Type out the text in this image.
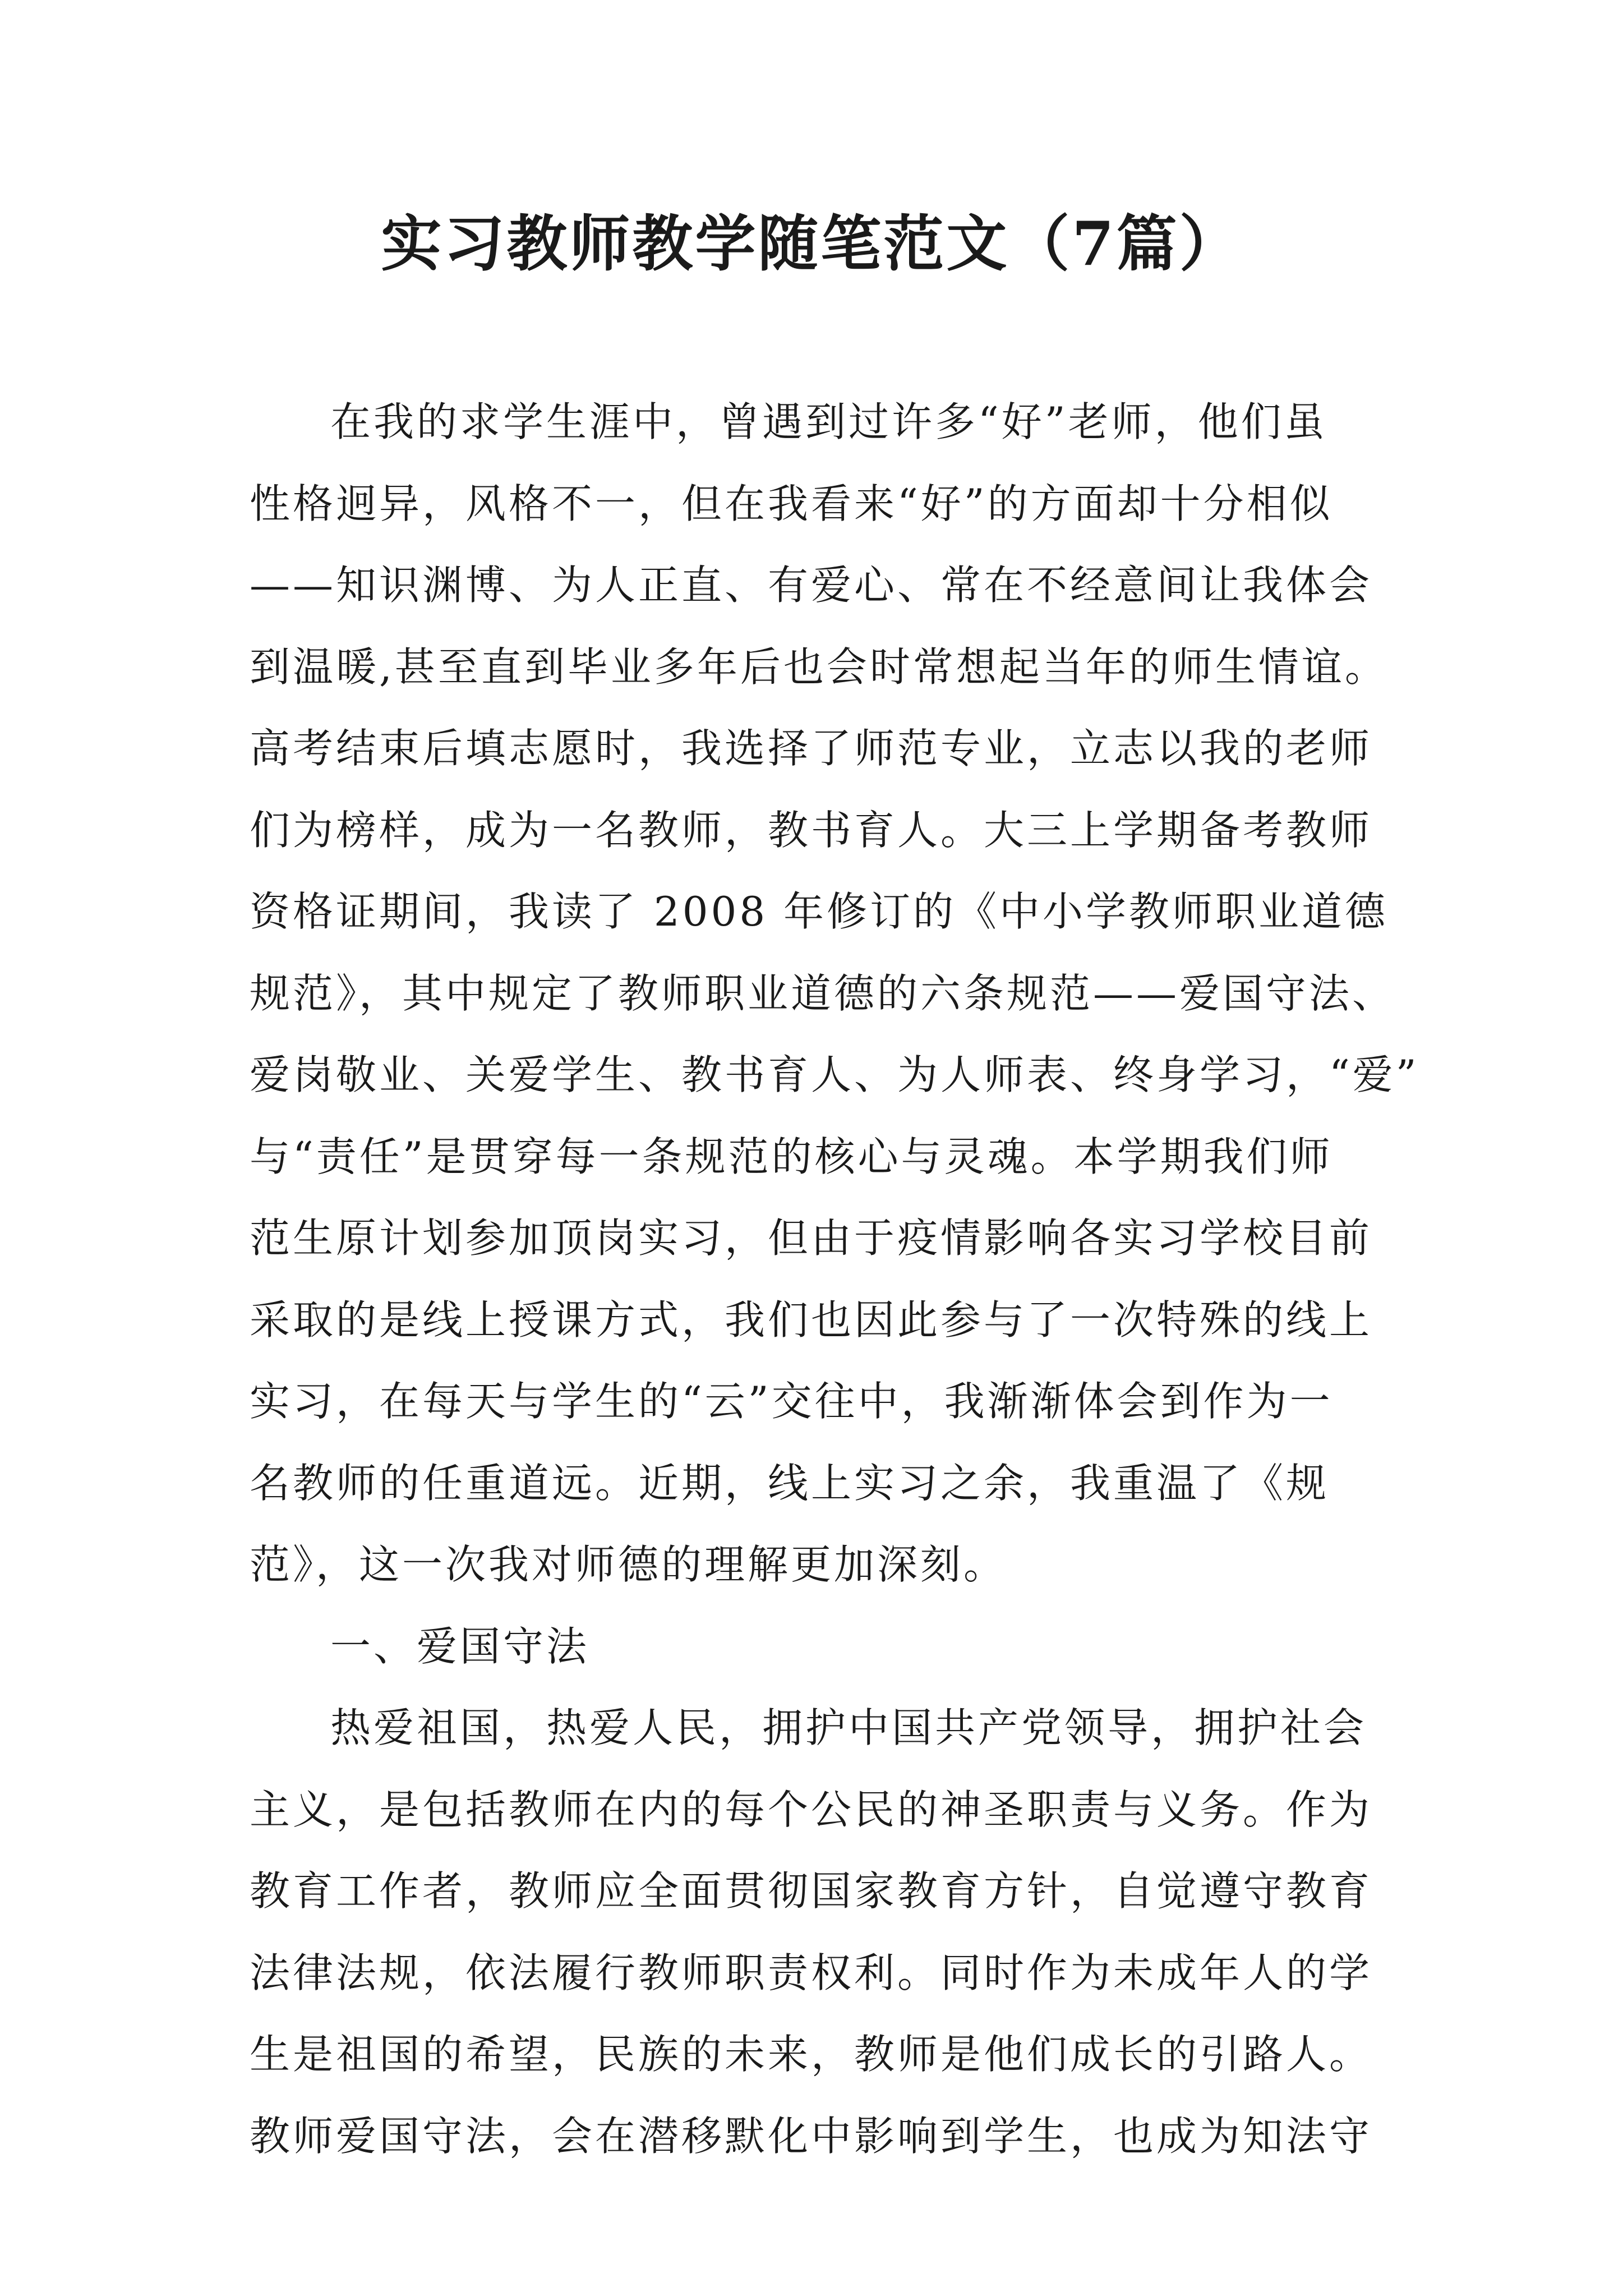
实习教师教学随笔范文（7篇）
在我的求学生涯中，曾遇到过许多“好”老师，他们虽
性格迥异，风格不一，但在我看来“好”的方面却十分相似
——知识渊博、为人正直、有爱心、常在不经意间让我体会
到温暖,甚至直到毕业多年后也会时常想起当年的师生情谊。
高考结束后填志愿时，我选择了师范专业，立志以我的老师
们为榜样，成为一名教师，教书育人。大三上学期备考教师
资格证期间，我读了 2008 年修订的《中小学教师职业道德
规范》，其中规定了教师职业道德的六条规范——爱国守法、
爱岗敬业、关爱学生、教书育人、为人师表、终身学习，“爱”
与“责任”是贯穿每一条规范的核心与灵魂。本学期我们师
范生原计划参加顶岗实习，但由于疫情影响各实习学校目前
采取的是线上授课方式，我们也因此参与了一次特殊的线上
实习，在每天与学生的“云”交往中，我渐渐体会到作为一
名教师的任重道远。近期，线上实习之余，我重温了《规
范》，这一次我对师德的理解更加深刻。
一、爱国守法
热爱祖国，热爱人民，拥护中国共产党领导，拥护社会
主义，是包括教师在内的每个公民的神圣职责与义务。作为
教育工作者，教师应全面贯彻国家教育方针，自觉遵守教育
法律法规，依法履行教师职责权利。同时作为未成年人的学
生是祖国的希望，民族的未来，教师是他们成长的引路人。
教师爱国守法，会在潜移默化中影响到学生，也成为知法守
